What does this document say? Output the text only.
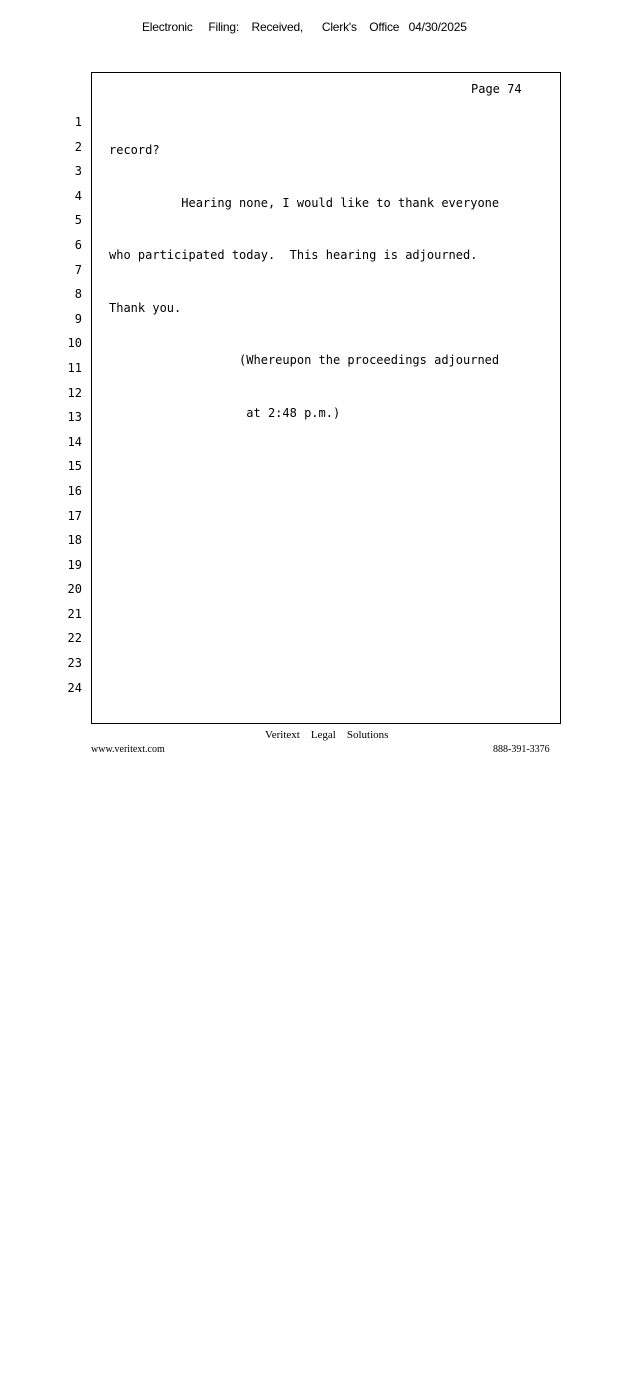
Electronic     Filing:    Received,      Clerk's    Office   04/30/2025
Page 74
1
2
3
4
5
6
7
8
9
10
11
12
13
14
15
16
17
18
19
20
21
22
23
24

record?

Hearing none, I would like to thank everyone

who participated today.  This hearing is adjourned.

Thank you.

(Whereupon the proceedings adjourned

at 2:48 p.m.)

Veritext    Legal    Solutions
www.veritext.com	888-391-3376
